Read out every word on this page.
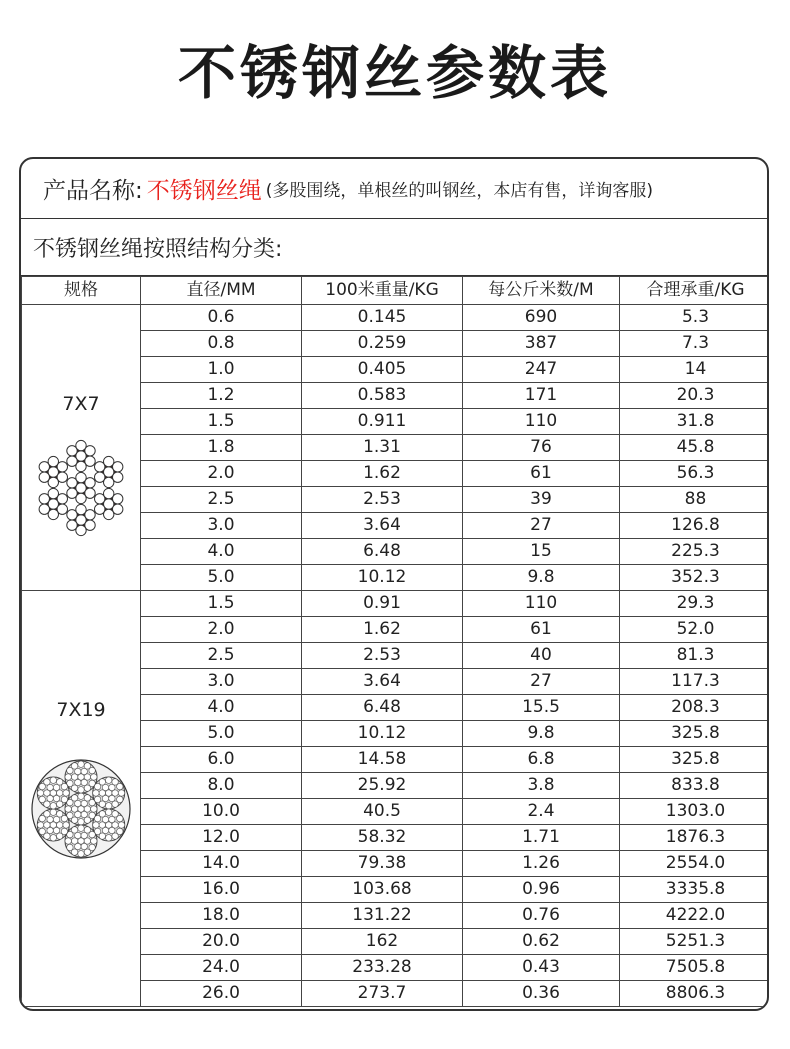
不锈钢丝参数表
产品名称: 不锈钢丝绳 (多股围绕，单根丝的叫钢丝，本店有售，详询客服)
不锈钢丝绳按照结构分类:
规格	直径/MM	100米重量/KG	每公斤米数/M	合理承重/KG

7X7	0.6	0.145	690	5.3
	0.8	0.259	387	7.3
	1.0	0.405	247	14
	1.2	0.583	171	20.3
	1.5	0.911	110	31.8
	1.8	1.31	76	45.8
	2.0	1.62	61	56.3
	2.5	2.53	39	88
	3.0	3.64	27	126.8
	4.0	6.48	15	225.3
	5.0	10.12	9.8	352.3

7X19	1.5	0.91	110	29.3
	2.0	1.62	61	52.0
	2.5	2.53	40	81.3
	3.0	3.64	27	117.3
	4.0	6.48	15.5	208.3
	5.0	10.12	9.8	325.8
	6.0	14.58	6.8	325.8
	8.0	25.92	3.8	833.8
	10.0	40.5	2.4	1303.0
	12.0	58.32	1.71	1876.3
	14.0	79.38	1.26	2554.0
	16.0	103.68	0.96	3335.8
	18.0	131.22	0.76	4222.0
	20.0	162	0.62	5251.3
	24.0	233.28	0.43	7505.8
	26.0	273.7	0.36	8806.3
